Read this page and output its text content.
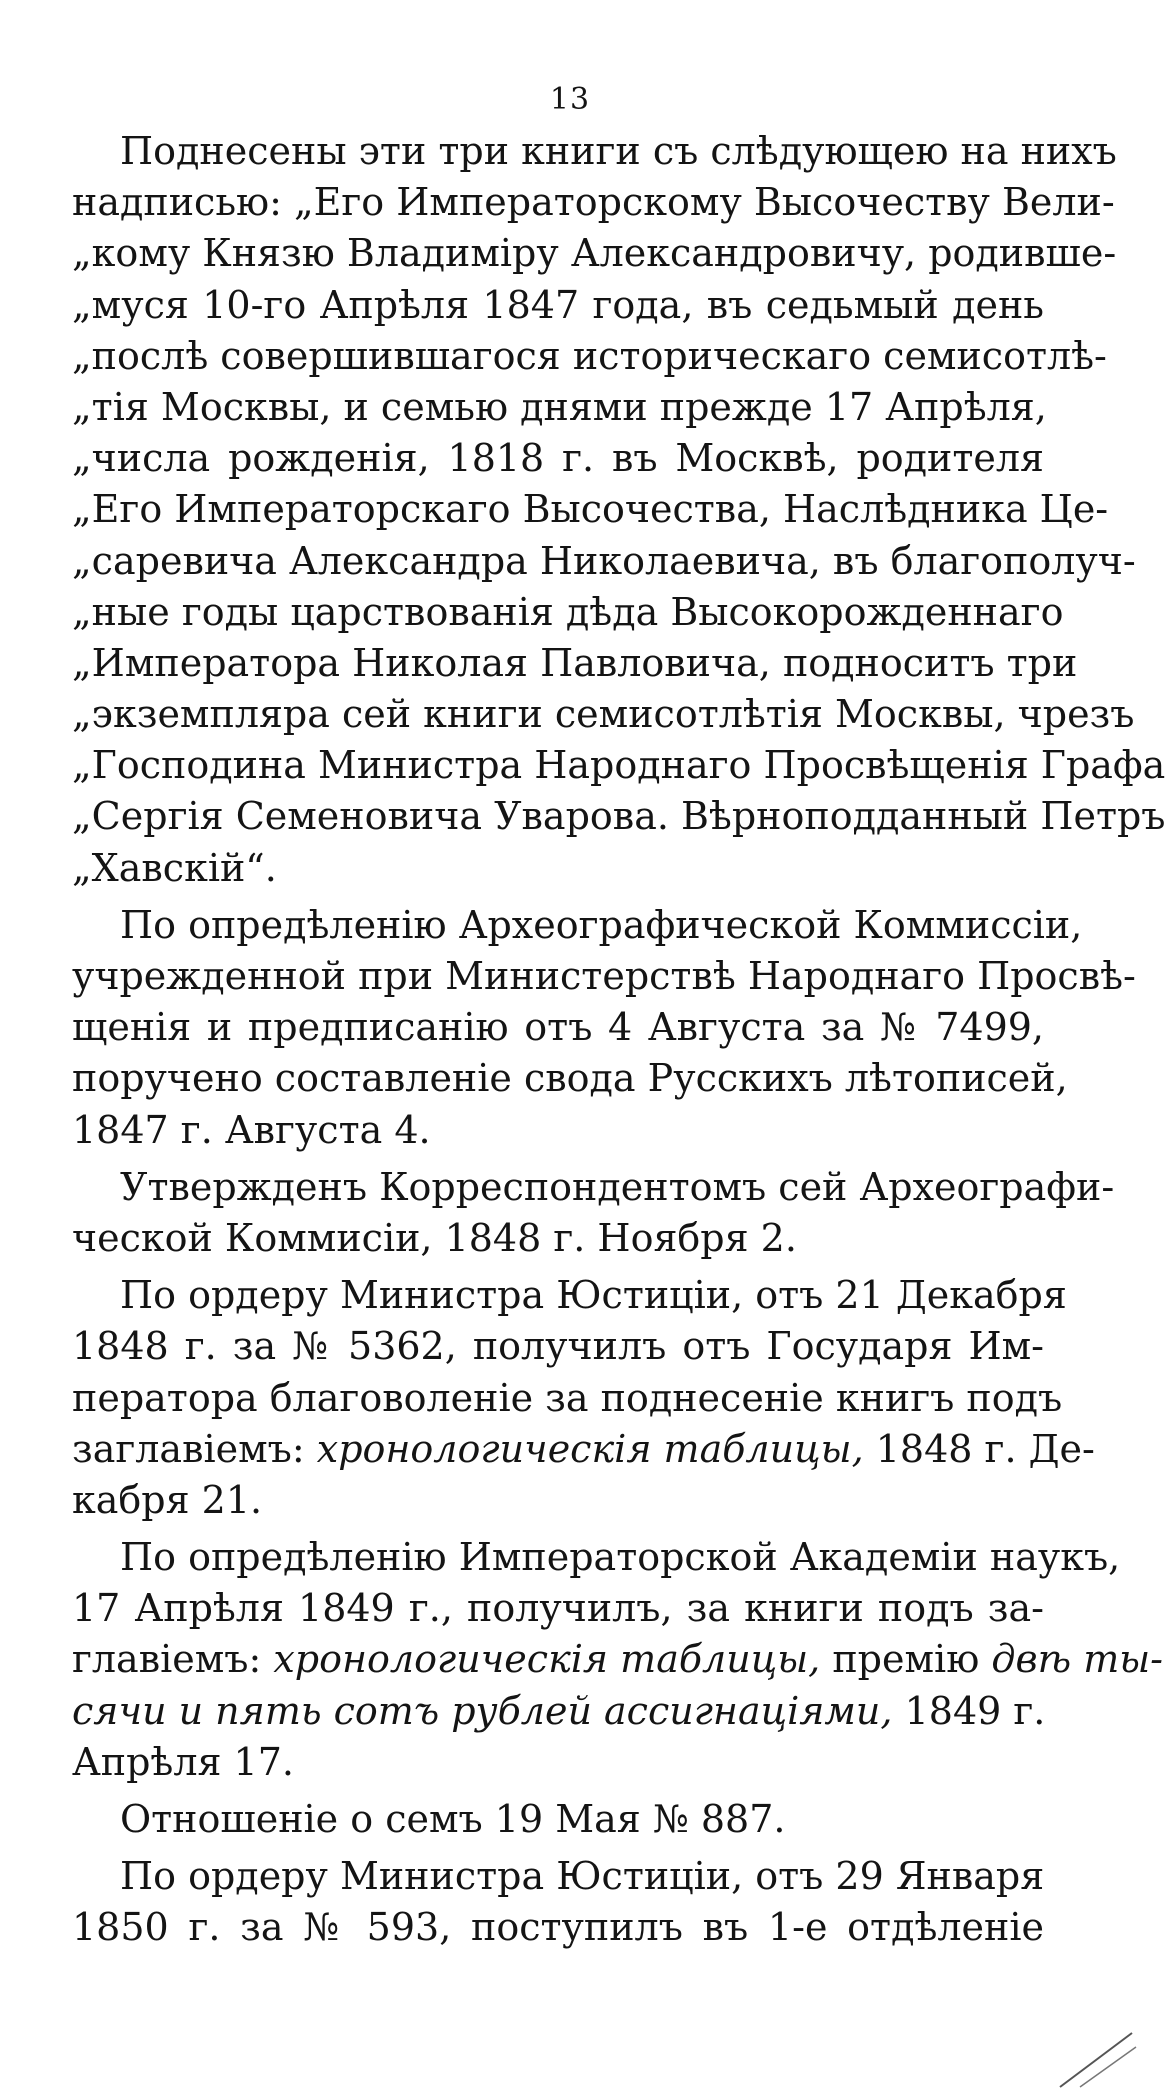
13
Поднесены эти три книги съ слѣдующею на нихъ
надписью: „Его Императорскому Высочеству Вели-
„кому Князю Владиміру Александровичу, родивше-
„муся 10-го Апрѣля 1847 года, въ седьмый день
„послѣ совершившагося историческаго семисотлѣ-
„тія Москвы, и семью днями прежде 17 Апрѣля,
„числа рожденія, 1818 г. въ Москвѣ, родителя
„Его Императорскаго Высочества, Наслѣдника Це-
„саревича Александра Николаевича, въ благополуч-
„ные годы царствованія дѣда Высокорожденнаго
„Императора Николая Павловича, подноситъ три
„экземпляра сей книги семисотлѣтія Москвы, чрезъ
„Господина Министра Народнаго Просвѣщенія Графа
„Сергія Семеновича Уварова. Вѣрноподданный Петръ
„Хавскій“.
По опредѣленію Археографической Коммиссіи,
учрежденной при Министерствѣ Народнаго Просвѣ-
щенія и предписанію отъ 4 Августа за № 7499,
поручено составленіе свода Русскихъ лѣтописей,
1847 г. Августа 4.
Утвержденъ Корреспондентомъ сей Археографи-
ческой Коммисіи, 1848 г. Ноября 2.
По ордеру Министра Юстиціи, отъ 21 Декабря
1848 г. за № 5362, получилъ отъ Государя Им-
ператора благоволеніе за поднесеніе книгъ подъ
заглавіемъ: хронологическія таблицы, 1848 г. Де-
кабря 21.
По опредѣленію Императорской Академіи наукъ,
17 Апрѣля 1849 г., получилъ, за книги подъ за-
главіемъ: хронологическія таблицы, премію двѣ ты-
сячи и пять сотъ рублей ассигнаціями, 1849 г.
Апрѣля 17.
Отношеніе о семъ 19 Мая № 887.
По ордеру Министра Юстиціи, отъ 29 Января
1850 г. за № 593, поступилъ въ 1-е отдѣленіе
